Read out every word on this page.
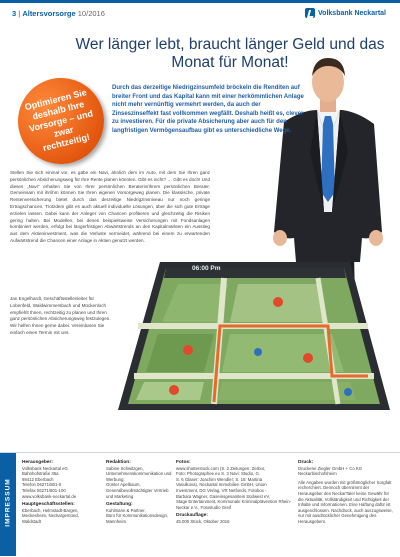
3 | Altersvorsorge 10/2016	Volksbank Neckartal
Wer länger lebt, braucht länger Geld und das Monat für Monat!
Optimieren Sie deshalb Ihre Vorsorge – und zwar rechtzeitig!
Durch das derzeitige Niedrigzinsumfeld bröckeln die Renditen auf breiter Front und das Kapital kann mit einer herkömmlichen Anlage nicht mehr vernünftig vermehrt werden, da auch der Zinseszinseffekt fast vollkommen wegfällt. Deshalb heißt es, clever zu investieren. Für die private Absicherung aber auch für den langfristigen Vermögensaufbau gibt es unterschiedliche Wege.
Stellen Sie sich einmal vor, es gäbe ein Navi, ähnlich dem im Auto, mit dem Sie Ihren ganz persönlichen Absicherungsweg für Ihre Rente planen könnten. Gibt es nicht? … Gibt es doch! Und dieses „Navi" erhalten Sie von Ihrer persönlichen Beraterin/Ihrem persönlichen Berater. Gemeinsam mit ihr/ihm können Sie Ihren eigenen Vorsorgeweg planen. Die klassische, private Rentenversicherung bietet durch das derzeitige Niedrigzinsniveau nur noch geringe Ertragschancen. Trotzdem gibt es auch aktuell individuelle Lösungen, über die sich gute Erträge erzielen lassen. Dabei kann der Anleger von Chancen profitieren und gleichzeitig die Risiken gering halten. Bei Modellen, bei denen beispielsweise Versicherungen mit Fondsanlagen kombiniert werden, erfolgt bei längerfristigen Abwärtstrends an den Kapitalmärkten ein Ausstieg aus dem Aktieninvestment, was die Verluste vermeidet, während bei einem zu erwartenden Aufwärtstrend die Chancen einer Anlage in Aktien genutzt werden.
Jan Engelhardt, Geschäftsstellenleiter für Lobenfeld, Waldwimmersbach und Mückenloch empfiehlt Ihnen, rechtzeitig zu planen und Ihren ganz persönlichen Absicherungsweg festzulegen. Wir helfen Ihnen gerne dabei. Vereinbaren Sie einfach einen Termin mit uns.
06:00 Pm
IMPRESSUM
Herausgeber:
Volksbank Neckartal eG
Bahnhofstraße 36a
69412 Eberbach
Telefon 06271/801-0
Telefax 06271/801-100
www.volksbank-neckartal.de
Hauptgeschäftsstellen:
Eberbach, Helmstadt-Bargen,
Meckesheim, Neckargemünd,
Waldstadt
Redaktion:
Sabine Schwitzgen, Unternehmenskommunikation und Werbung;
Günter Apelbaum, Generalbevollmächtigter Vertrieb und Marketing
Gestaltung:
Kuhlmann & Partner,
Büro für Kommunikationsdesign,
Mannheim
Fotos:
www.shutterstock.com (S. 2 Zeitungen: Zerbor,
Foto: Photographee.eu S. 3 Navi: Studio, G.
S. 6 Glaser: Joachim Wendler; S. 16: Martina
Vasulkova), Neckartal Immobilien GmbH, Union
Investment, DG Verlag, VR Netfonds, Fotobox -
Barbara Wagner, Gaseinsgesamtein Südwest eV,
Stage Entertainment, Kommunale Kriminalprävention Rhein-Neckar e.V., Fotostudio Greif
Druckauflage:
45.000 Stück, Oktober 2016
Druck:
Druckerei Ziegler GmbH + Co KG
Neckarbischofsheim
Alle Angaben wurden mit größtmöglicher Sorgfalt recherchiert. Dennoch übernimmt der Herausgeber des NeckarTaler keine Gewähr für die Aktualität, Vollständigkeit und Richtigkeit der Inhalte und Informationen. Eine Haftung dafür ist ausgeschlossen. Nachdruck, auch auszugsweise, nur mit ausdrücklicher Genehmigung des Herausgebers.
